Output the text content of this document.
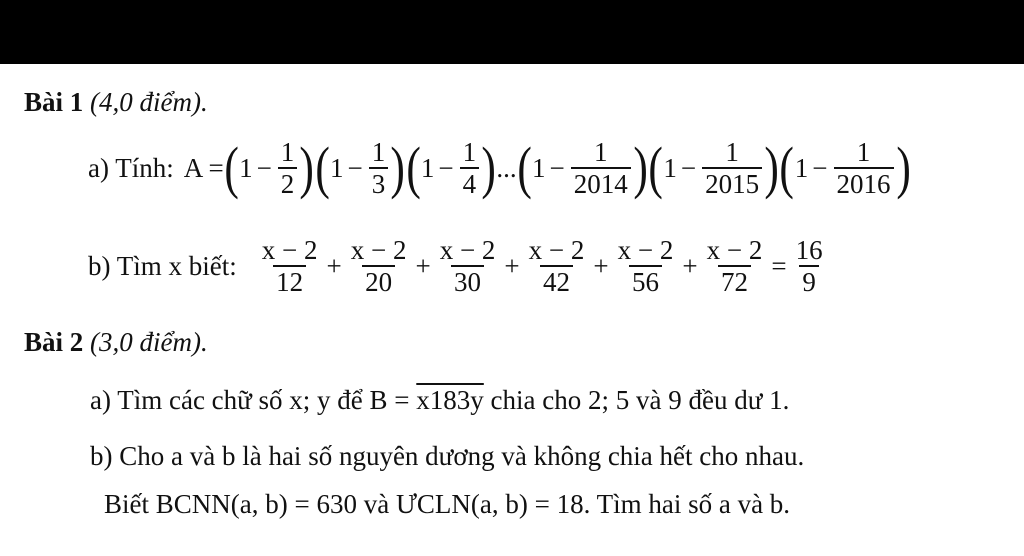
Bài 1 (4,0 điểm).
a) Tính: A = ( $1 - \frac{1}{2}$ ) ( $1 - \frac{1}{3}$ ) ( $1 - \frac{1}{4}$ ) ... ( $1 - \frac{1}{2014}$ ) ( $1 - \frac{1}{2015}$ ) ( $1 - \frac{1}{2016}$ )
b) Tìm x biết: $\frac{x - 2}{12} + \frac{x - 2}{20} + \frac{x - 2}{30} + \frac{x - 2}{42} + \frac{x - 2}{56} + \frac{x - 2}{72} = \frac{16}{9}$
Bài 2 (3,0 điểm).
a) Tìm các chữ số x; y để B = x183y chia cho 2; 5 và 9 đều dư 1.
b) Cho a và b là hai số nguyên dương và không chia hết cho nhau.
Biết BCNN(a, b) = 630 và ƯCLN(a, b) = 18. Tìm hai số a và b.
